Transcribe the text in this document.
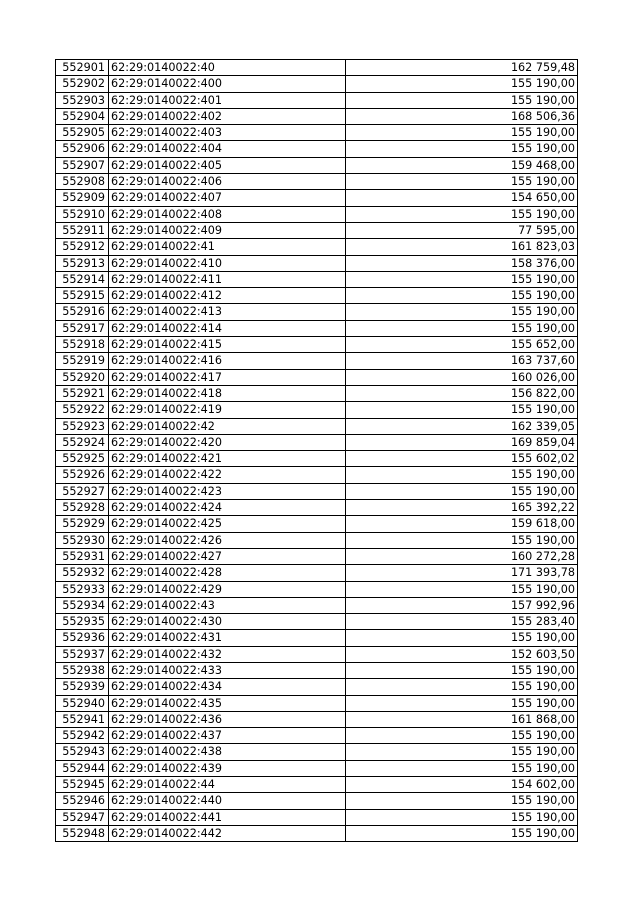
552901	62:29:0140022:40	162 759,48
552902	62:29:0140022:400	155 190,00
552903	62:29:0140022:401	155 190,00
552904	62:29:0140022:402	168 506,36
552905	62:29:0140022:403	155 190,00
552906	62:29:0140022:404	155 190,00
552907	62:29:0140022:405	159 468,00
552908	62:29:0140022:406	155 190,00
552909	62:29:0140022:407	154 650,00
552910	62:29:0140022:408	155 190,00
552911	62:29:0140022:409	77 595,00
552912	62:29:0140022:41	161 823,03
552913	62:29:0140022:410	158 376,00
552914	62:29:0140022:411	155 190,00
552915	62:29:0140022:412	155 190,00
552916	62:29:0140022:413	155 190,00
552917	62:29:0140022:414	155 190,00
552918	62:29:0140022:415	155 652,00
552919	62:29:0140022:416	163 737,60
552920	62:29:0140022:417	160 026,00
552921	62:29:0140022:418	156 822,00
552922	62:29:0140022:419	155 190,00
552923	62:29:0140022:42	162 339,05
552924	62:29:0140022:420	169 859,04
552925	62:29:0140022:421	155 602,02
552926	62:29:0140022:422	155 190,00
552927	62:29:0140022:423	155 190,00
552928	62:29:0140022:424	165 392,22
552929	62:29:0140022:425	159 618,00
552930	62:29:0140022:426	155 190,00
552931	62:29:0140022:427	160 272,28
552932	62:29:0140022:428	171 393,78
552933	62:29:0140022:429	155 190,00
552934	62:29:0140022:43	157 992,96
552935	62:29:0140022:430	155 283,40
552936	62:29:0140022:431	155 190,00
552937	62:29:0140022:432	152 603,50
552938	62:29:0140022:433	155 190,00
552939	62:29:0140022:434	155 190,00
552940	62:29:0140022:435	155 190,00
552941	62:29:0140022:436	161 868,00
552942	62:29:0140022:437	155 190,00
552943	62:29:0140022:438	155 190,00
552944	62:29:0140022:439	155 190,00
552945	62:29:0140022:44	154 602,00
552946	62:29:0140022:440	155 190,00
552947	62:29:0140022:441	155 190,00
552948	62:29:0140022:442	155 190,00
